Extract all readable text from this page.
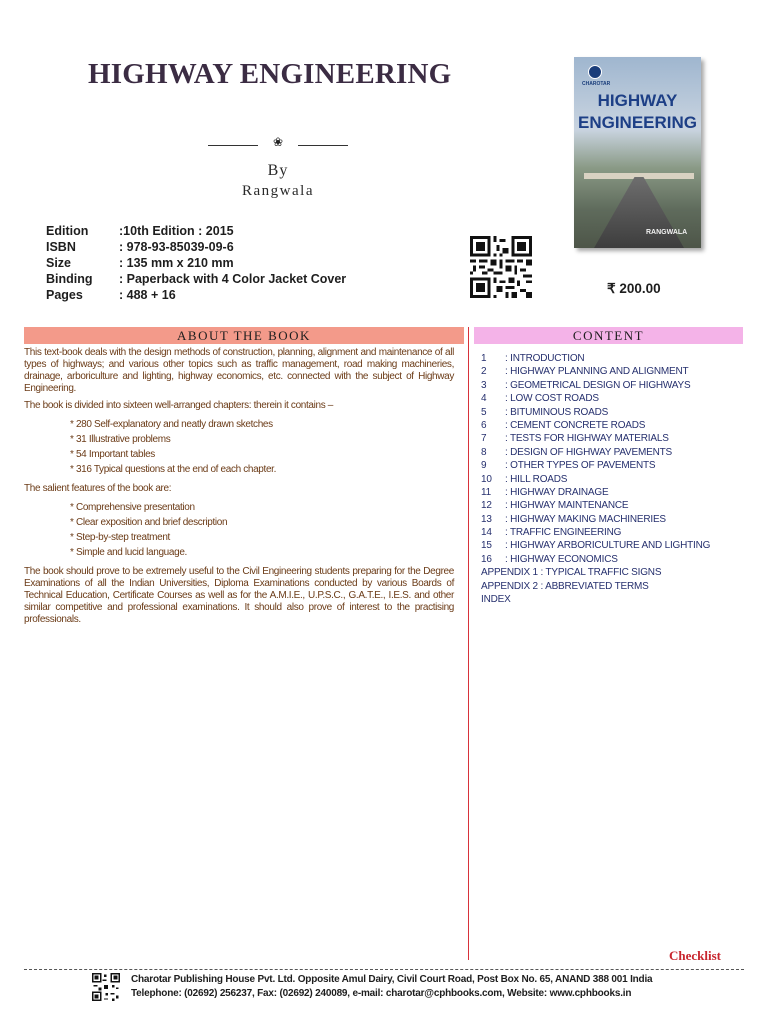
HIGHWAY ENGINEERING
❀
By
Rangwala
Edition :10th Edition : 2015
ISBN	: 978-93-85039-09-6
Size	: 135 mm x 210 mm
Binding : Paperback with 4 Color Jacket Cover
Pages	: 488 + 16
CHAROTAR
HIGHWAY
ENGINEERING
RANGWALA
₹ 200.00
ABOUT THE BOOK	CONTENT

This text-book deals with the design methods of construction, planning, alignment and maintenance of all types of highways; and various other topics such as traffic management, road making machineries, drainage, arboriculture and lighting, highway economics, etc. connected with the subject of Highway Engineering.

The book is divided into sixteen well-arranged chapters: therein it contains –

* 280 Self-explanatory and neatly drawn sketches
* 31 Illustrative problems
* 54 Important tables
* 316 Typical questions at the end of each chapter.

The salient features of the book are:

* Comprehensive presentation
* Clear exposition and brief description
* Step-by-step treatment
* Simple and lucid language.

The book should prove to be extremely useful to the Civil Engineering students preparing for the Degree Examinations of all the Indian Universities, Diploma Examinations conducted by various Boards of Technical Education, Certificate Courses as well as for the A.M.I.E., U.P.S.C., G.A.T.E., I.E.S. and other similar competitive and professional examinations. It should also prove of interest to the practising professionals.

1 : INTRODUCTION
2 : HIGHWAY PLANNING AND ALIGNMENT
3 : GEOMETRICAL DESIGN OF HIGHWAYS
4 : LOW COST ROADS
5 : BITUMINOUS ROADS
6 : CEMENT CONCRETE ROADS
7 : TESTS FOR HIGHWAY MATERIALS
8 : DESIGN OF HIGHWAY PAVEMENTS
9 : OTHER TYPES OF PAVEMENTS
10 : HILL ROADS
11 : HIGHWAY DRAINAGE
12 : HIGHWAY MAINTENANCE
13 : HIGHWAY MAKING MACHINERIES
14 : TRAFFIC ENGINEERING
15 : HIGHWAY ARBORICULTURE AND LIGHTING
16 : HIGHWAY ECONOMICS
APPENDIX 1 : TYPICAL TRAFFIC SIGNS
APPENDIX 2 : ABBREVIATED TERMS
INDEX
Checklist
Charotar Publishing House Pvt. Ltd. Opposite Amul Dairy, Civil Court Road, Post Box No. 65, ANAND 388 001 India
Telephone: (02692) 256237, Fax: (02692) 240089, e-mail: charotar@cphbooks.com, Website: www.cphbooks.in
